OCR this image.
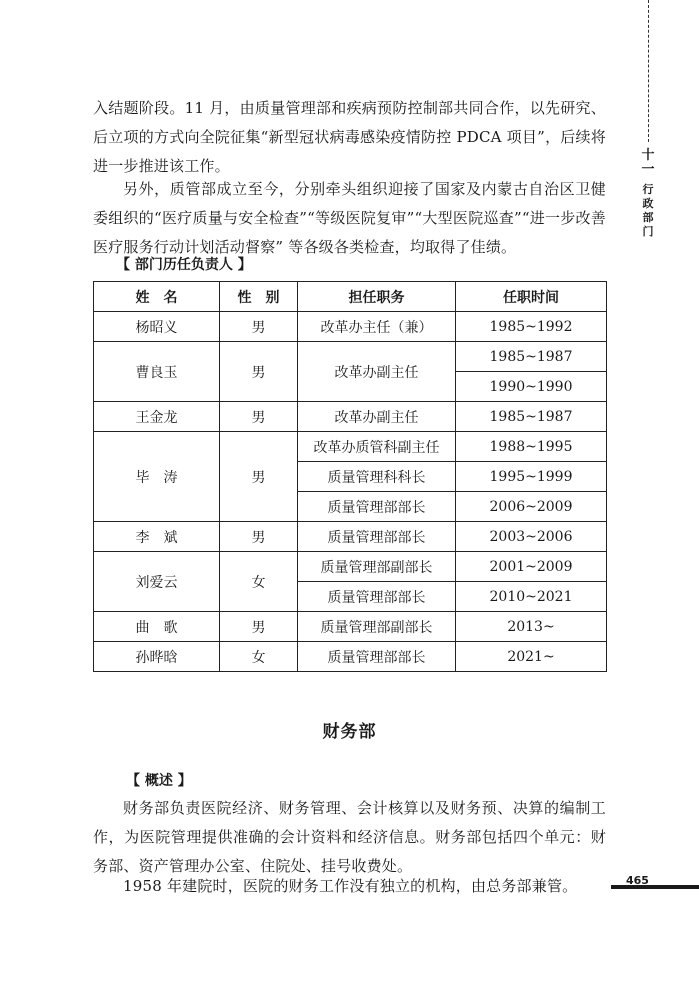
十一
行政部门

入结题阶段。11 月，由质量管理部和疾病预防控制部共同合作，以先研究、后立项的方式向全院征集“新型冠状病毒感染疫情防控 PDCA 项目”，后续将进一步推进该工作。

另外，质管部成立至今，分别牵头组织迎接了国家及内蒙古自治区卫健委组织的“医疗质量与安全检查”“等级医院复审”“大型医院巡查”“进一步改善医疗服务行动计划活动督察” 等各级各类检查，均取得了佳绩。

【 部门历任负责人 】
姓　名	性　别	担任职务	任职时间
杨昭义	男	改革办主任（兼）	1985~1992
曹良玉	男	改革办副主任	1985~1987
			1990~1990
王金龙	男	改革办副主任	1985~1987
毕　涛	男	改革办质管科副主任	1988~1995
		质量管理科科长	1995~1999
		质量管理部部长	2006~2009
李　斌	男	质量管理部部长	2003~2006
刘爱云	女	质量管理部副部长	2001~2009
		质量管理部部长	2010~2021
曲　歌	男	质量管理部副部长	2013~
孙晔晗	女	质量管理部部长	2021~
财务部
【 概述 】

财务部负责医院经济、财务管理、会计核算以及财务预、决算的编制工作，为医院管理提供准确的会计资料和经济信息。财务部包括四个单元：财务部、资产管理办公室、住院处、挂号收费处。

1958 年建院时，医院的财务工作没有独立的机构，由总务部兼管。	465
